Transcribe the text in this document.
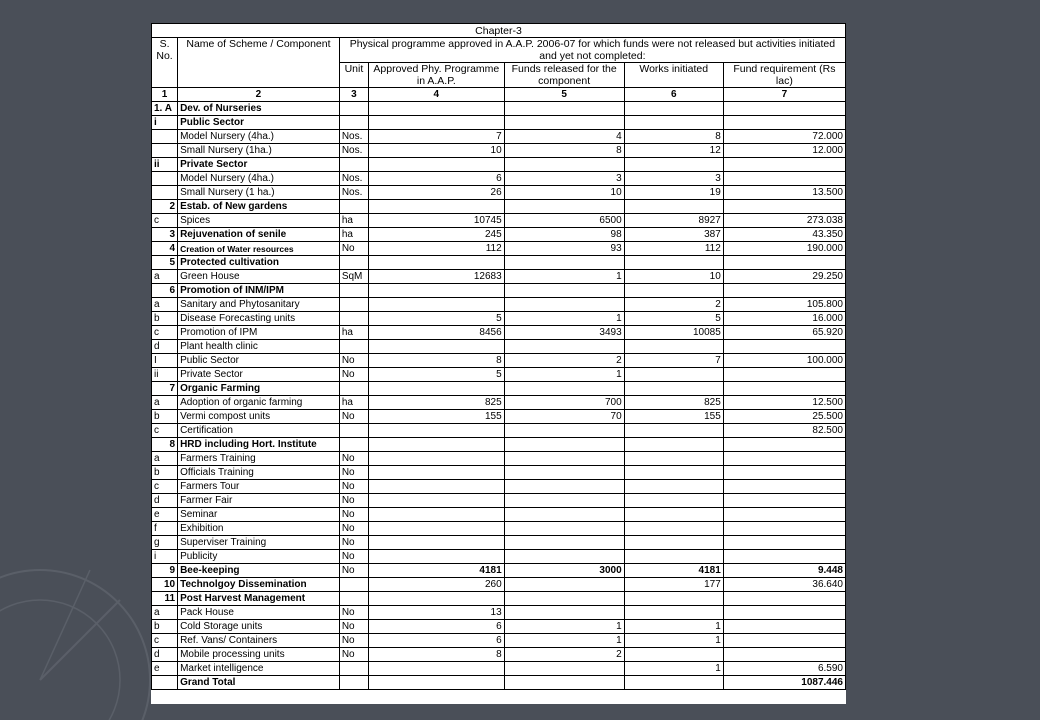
Chapter-3						
S. No.	Name of Scheme / Component	Physical programme approved in A.A.P. 2006-07 for which funds were not released but activities initiated and yet not completed:				
		Unit	Approved Phy. Programme in A.A.P.	Funds released for the component	Works initiated	Fund requirement (Rs lac)
1	2	3	4	5	6	7
1. A	Dev. of Nurseries					
i	Public Sector					
	Model Nursery (4ha.)	Nos.	7	4	8	72.000
	Small Nursery (1ha.)	Nos.	10	8	12	12.000
ii	Private Sector					
	Model Nursery (4ha.)	Nos.	6	3	3	
	Small Nursery (1 ha.)	Nos.	26	10	19	13.500
2	Estab. of New gardens					
c	Spices	ha	10745	6500	8927	273.038
3	Rejuvenation of senile	ha	245	98	387	43.350
4	Creation of Water resources	No	112	93	112	190.000
5	Protected cultivation					
a	Green House	SqM	12683	1	10	29.250
6	Promotion of INM/IPM					
a	Sanitary and Phytosanitary				2	105.800
b	Disease Forecasting units		5	1	5	16.000
c	Promotion of IPM	ha	8456	3493	10085	65.920
d	Plant health clinic					
I	Public Sector	No	8	2	7	100.000
ii	Private Sector	No	5	1		
7	Organic Farming					
a	Adoption of organic farming	ha	825	700	825	12.500
b	Vermi compost units	No	155	70	155	25.500
c	Certification					82.500
8	HRD including Hort. Institute					
a	Farmers Training	No				
b	Officials Training	No				
c	Farmers Tour	No				
d	Farmer Fair	No				
e	Seminar	No				
f	Exhibition	No				
g	Superviser Training	No				
i	Publicity	No				
9	Bee-keeping	No	4181	3000	4181	9.448
10	Technolgoy Dissemination		260		177	36.640
11	Post Harvest Management					
a	Pack House	No	13			
b	Cold Storage units	No	6	1	1	
c	Ref. Vans/ Containers	No	6	1	1	
d	Mobile processing units	No	8	2		
e	Market intelligence				1	6.590
	Grand Total					1087.446
